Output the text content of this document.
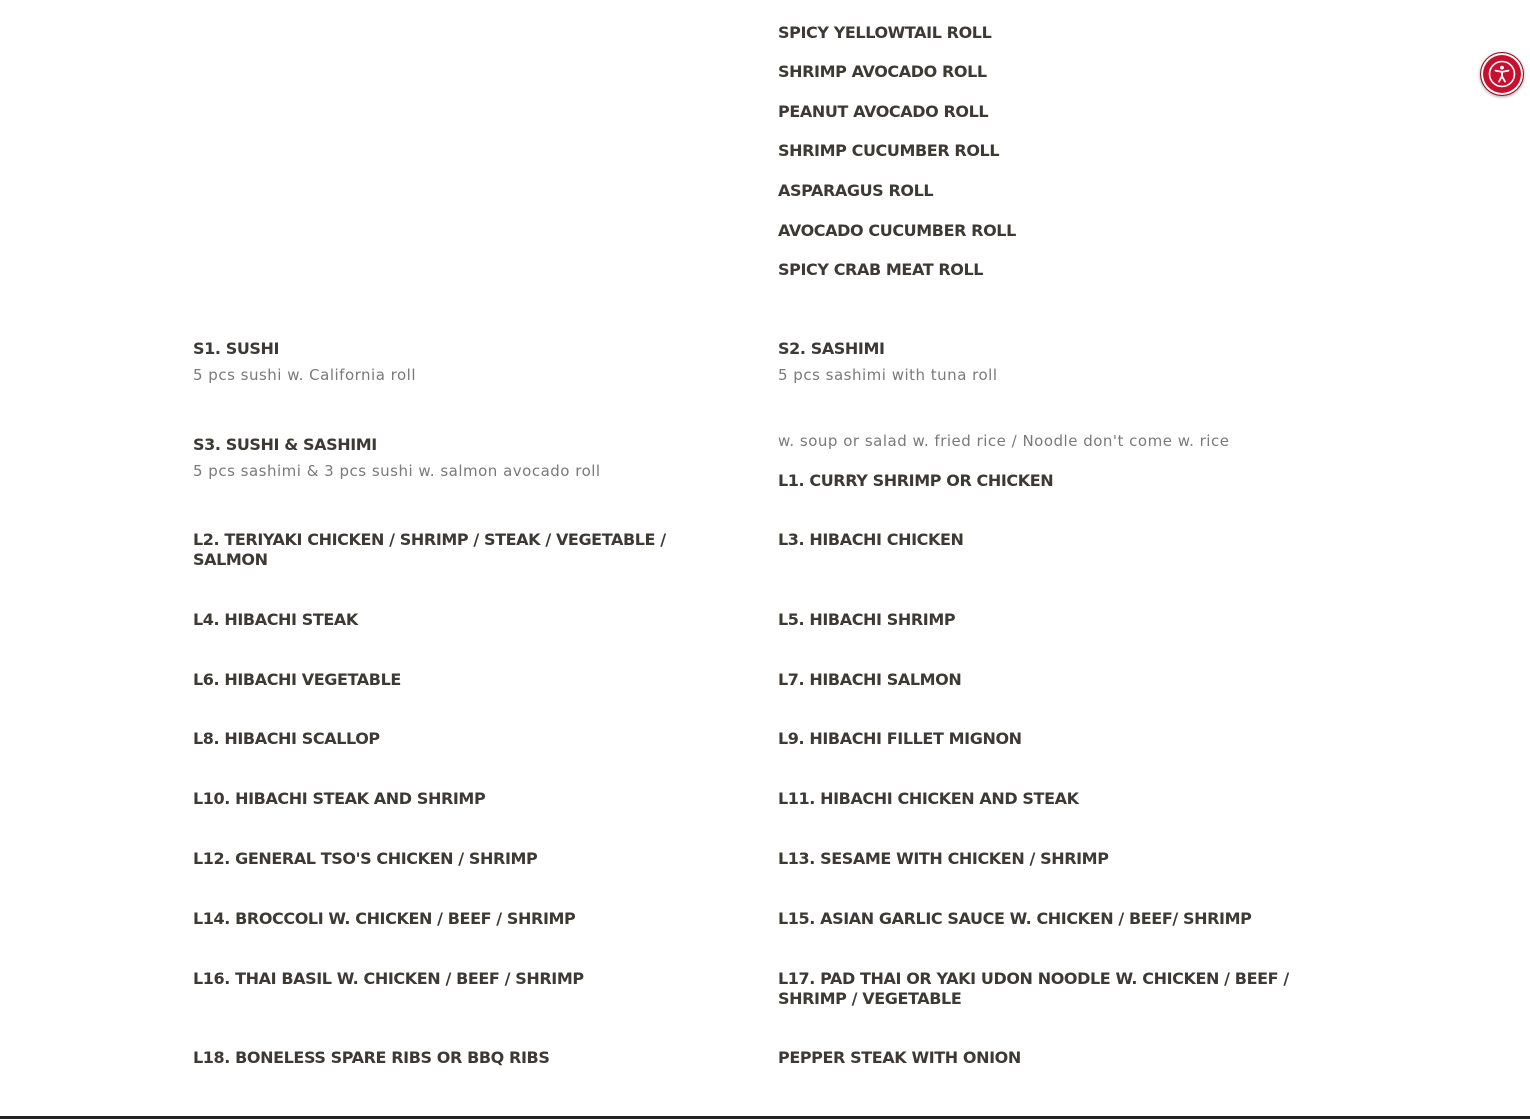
SPICY YELLOWTAIL ROLL
SHRIMP AVOCADO ROLL
PEANUT AVOCADO ROLL
SHRIMP CUCUMBER ROLL
ASPARAGUS ROLL
AVOCADO CUCUMBER ROLL
SPICY CRAB MEAT ROLL
S1. SUSHI

5 pcs sushi w. California roll

S2. SASHIMI

5 pcs sashimi with tuna roll

S3. SUSHI & SASHIMI

5 pcs sashimi & 3 pcs sushi w. salmon avocado roll

w. soup or salad w. fried rice / Noodle don't come w. rice

L1. CURRY SHRIMP OR CHICKEN
L2. TERIYAKI CHICKEN / SHRIMP / STEAK / VEGETABLE / SALMON
L3. HIBACHI CHICKEN
L4. HIBACHI STEAK	L5. HIBACHI SHRIMP
L6. HIBACHI VEGETABLE	L7. HIBACHI SALMON
L8. HIBACHI SCALLOP	L9. HIBACHI FILLET MIGNON
L10. HIBACHI STEAK AND SHRIMP	L11. HIBACHI CHICKEN AND STEAK
L12. GENERAL TSO'S CHICKEN / SHRIMP	L13. SESAME WITH CHICKEN / SHRIMP
L14. BROCCOLI W. CHICKEN / BEEF / SHRIMP	L15. ASIAN GARLIC SAUCE W. CHICKEN / BEEF/ SHRIMP
L16. THAI BASIL W. CHICKEN / BEEF / SHRIMP	L17. PAD THAI OR YAKI UDON NOODLE W. CHICKEN / BEEF / SHRIMP / VEGETABLE
L18. BONELESS SPARE RIBS OR BBQ RIBS	PEPPER STEAK WITH ONION
